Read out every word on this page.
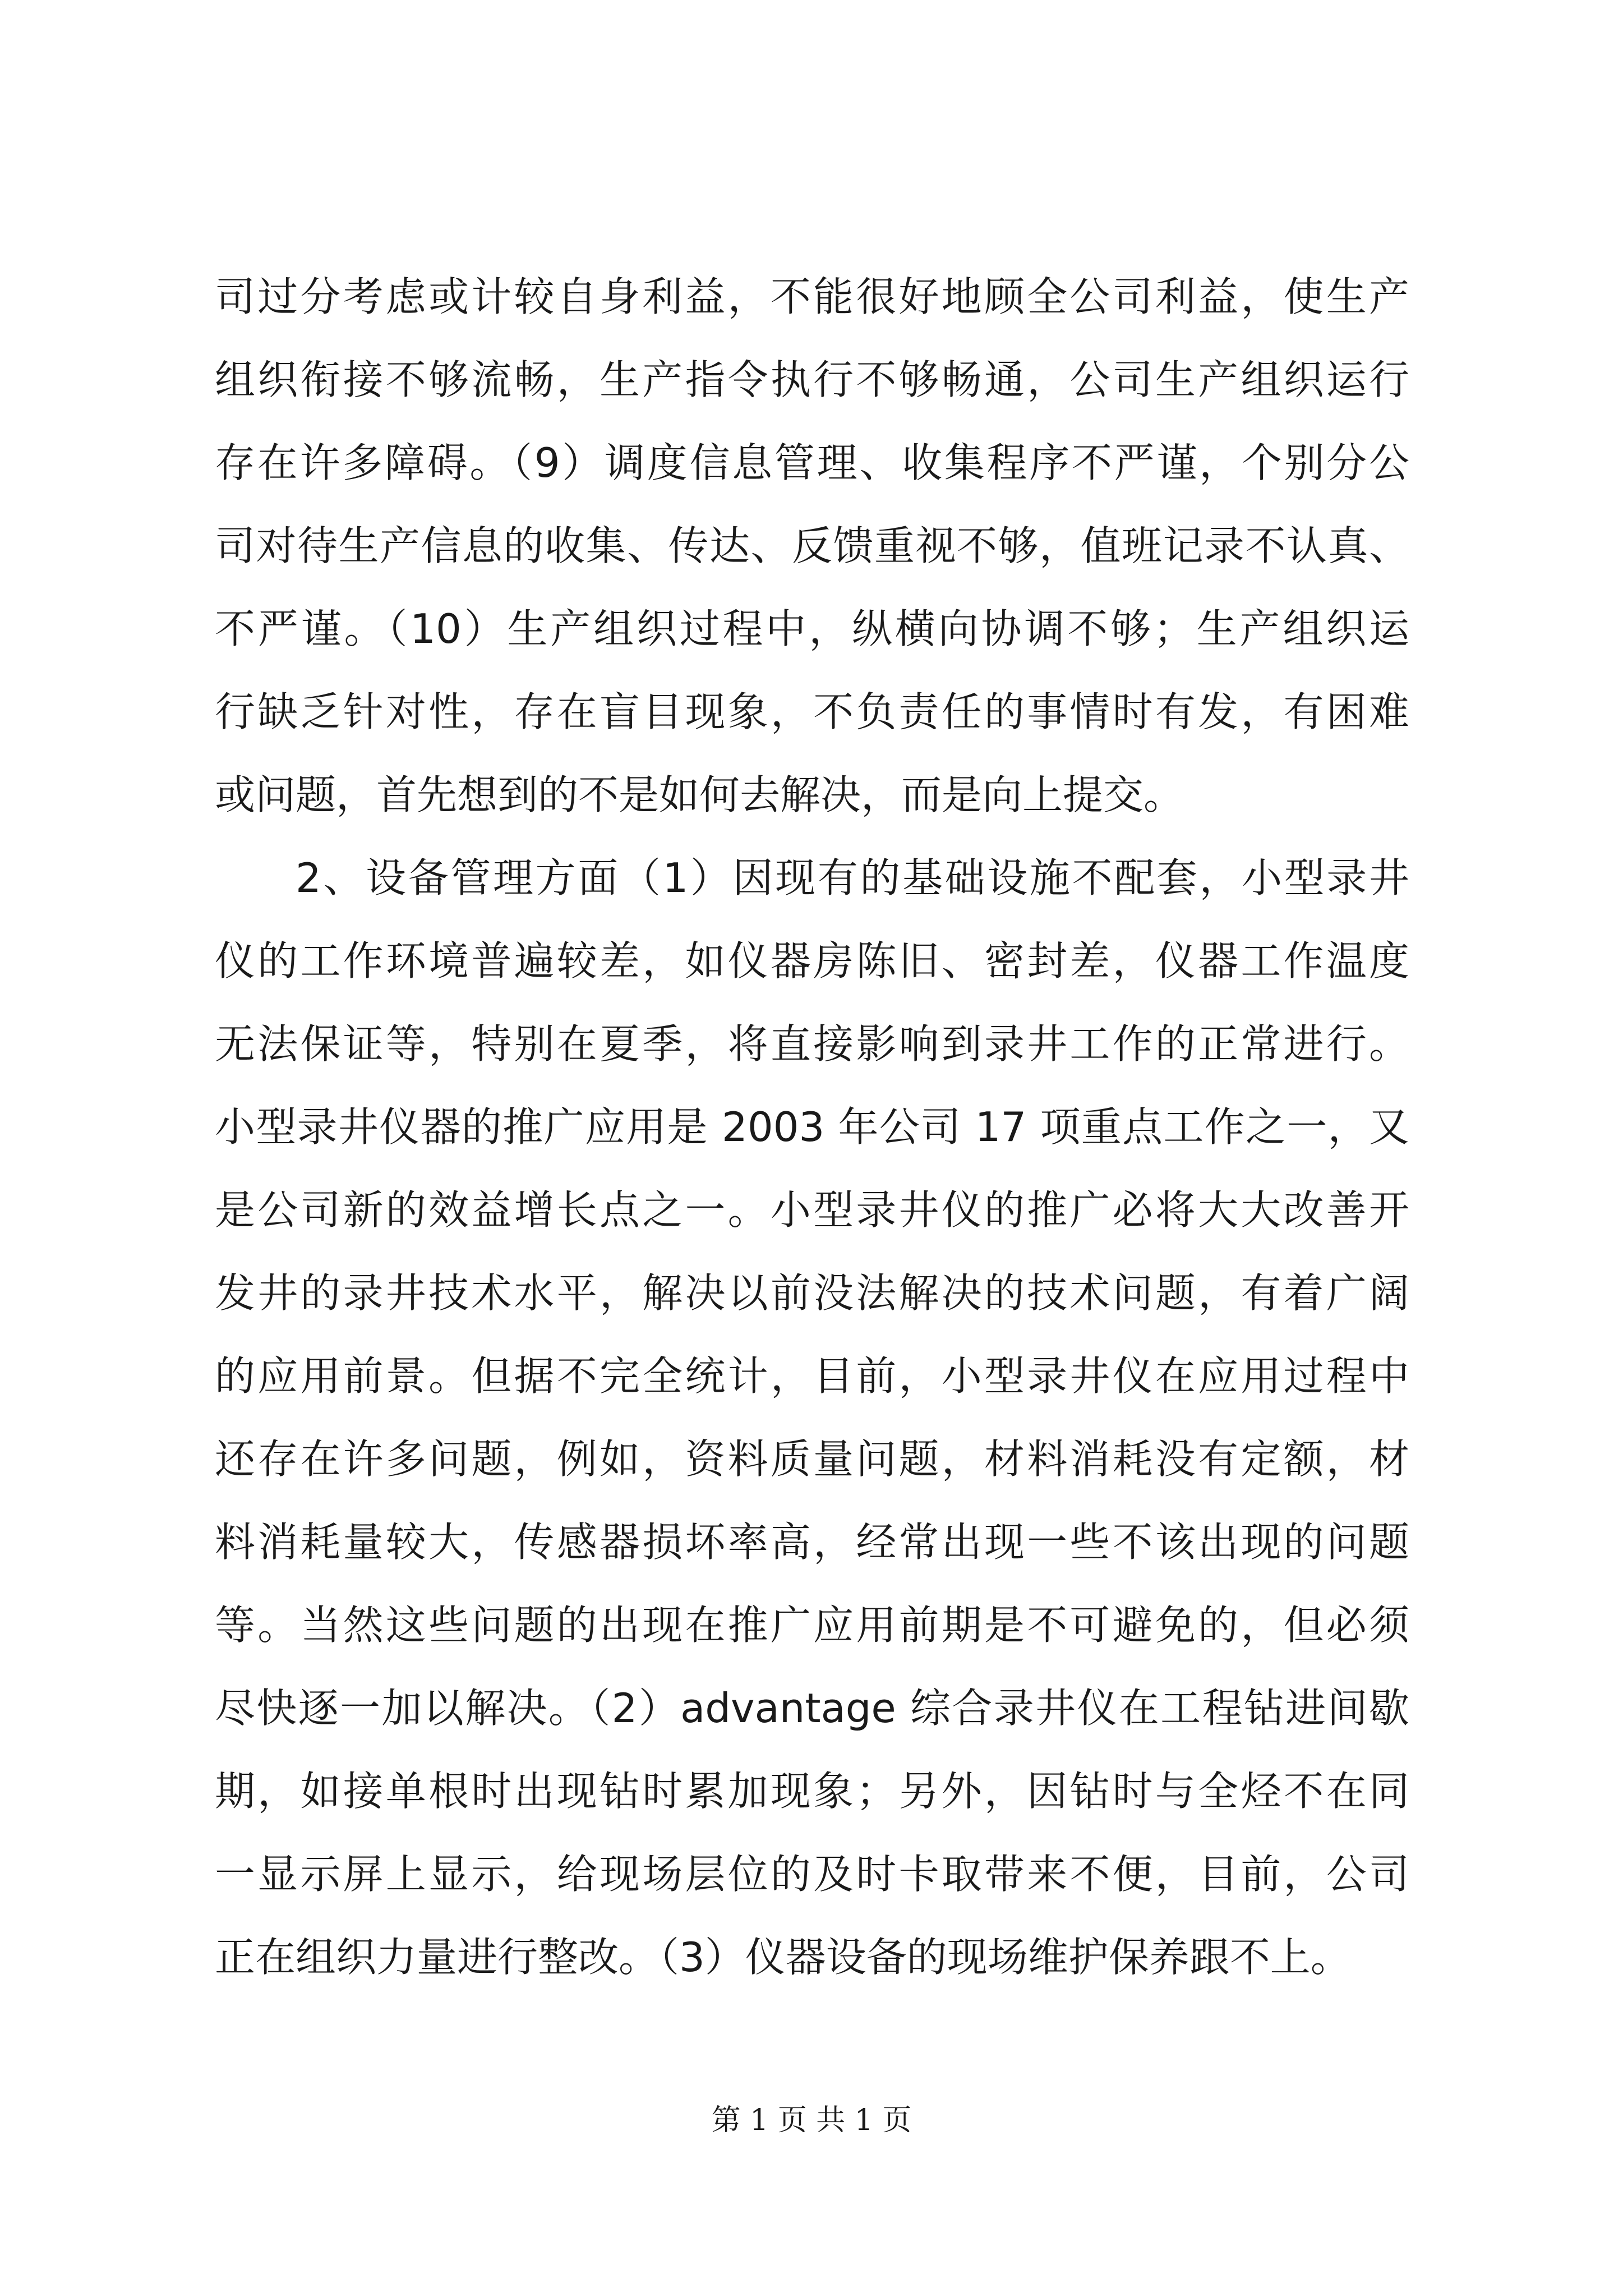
司过分考虑或计较自身利益，不能很好地顾全公司利益，使生产
组织衔接不够流畅，生产指令执行不够畅通，公司生产组织运行
存在许多障碍。（9）调度信息管理、收集程序不严谨，个别分公
司对待生产信息的收集、传达、反馈重视不够，值班记录不认真、
不严谨。（10）生产组织过程中，纵横向协调不够；生产组织运
行缺乏针对性，存在盲目现象，不负责任的事情时有发，有困难
或问题，首先想到的不是如何去解决，而是向上提交。
2、设备管理方面（1）因现有的基础设施不配套，小型录井
仪的工作环境普遍较差，如仪器房陈旧、密封差，仪器工作温度
无法保证等，特别在夏季，将直接影响到录井工作的正常进行。
小型录井仪器的推广应用是 2003 年公司 17 项重点工作之一，又
是公司新的效益增长点之一。小型录井仪的推广必将大大改善开
发井的录井技术水平，解决以前没法解决的技术问题，有着广阔
的应用前景。但据不完全统计，目前，小型录井仪在应用过程中
还存在许多问题，例如，资料质量问题，材料消耗没有定额，材
料消耗量较大，传感器损坏率高，经常出现一些不该出现的问题
等。当然这些问题的出现在推广应用前期是不可避免的，但必须
尽快逐一加以解决。（2）advantage 综合录井仪在工程钻进间歇
期，如接单根时出现钻时累加现象；另外，因钻时与全烃不在同
一显示屏上显示，给现场层位的及时卡取带来不便，目前，公司
正在组织力量进行整改。（3）仪器设备的现场维护保养跟不上。
第 1 页 共 1 页
